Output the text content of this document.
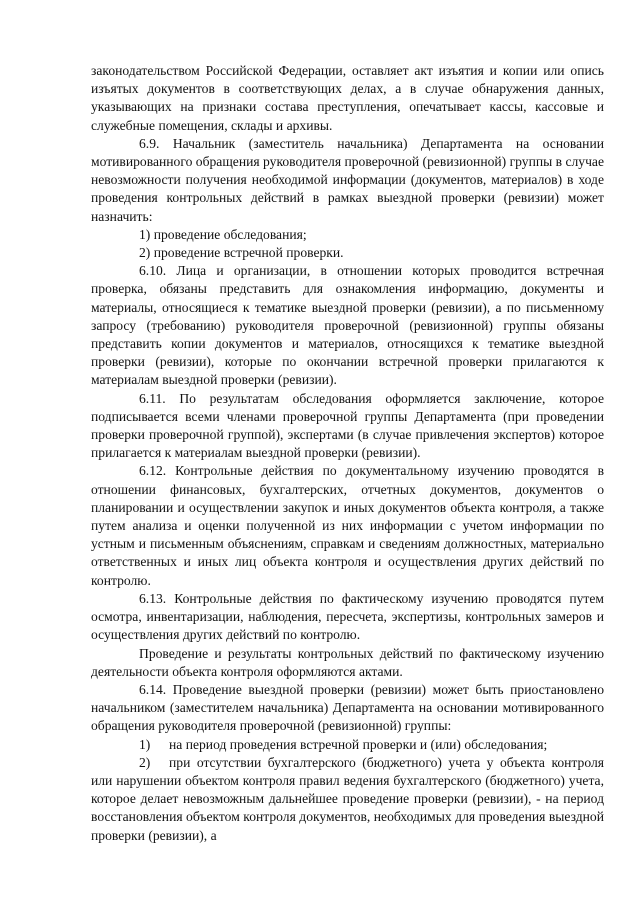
законодательством Российской Федерации, оставляет акт изъятия и копии или опись изъятых документов в соответствующих делах, а в случае обнаружения данных, указывающих на признаки состава преступления, опечатывает кассы, кассовые и служебные помещения, склады и архивы.

6.9. Начальник (заместитель начальника) Департамента на основании мотивированного обращения руководителя проверочной (ревизионной) группы в случае невозможности получения необходимой информации (документов, материалов) в ходе проведения контрольных действий в рамках выездной проверки (ревизии) может назначить:

1) проведение обследования;

2) проведение встречной проверки.

6.10. Лица и организации, в отношении которых проводится встречная проверка, обязаны представить для ознакомления информацию, документы и материалы, относящиеся к тематике выездной проверки (ревизии), а по письменному запросу (требованию) руководителя проверочной (ревизионной) группы обязаны представить копии документов и материалов, относящихся к тематике выездной проверки (ревизии), которые по окончании встречной проверки прилагаются к материалам выездной проверки (ревизии).

6.11. По результатам обследования оформляется заключение, которое подписывается всеми членами проверочной группы Департамента (при проведении проверки проверочной группой), экспертами (в случае привлечения экспертов) которое прилагается к материалам выездной проверки (ревизии).

6.12. Контрольные действия по документальному изучению проводятся в отношении финансовых, бухгалтерских, отчетных документов, документов о планировании и осуществлении закупок и иных документов объекта контроля, а также путем анализа и оценки полученной из них информации с учетом информации по устным и письменным объяснениям, справкам и сведениям должностных, материально ответственных и иных лиц объекта контроля и осуществления других действий по контролю.

6.13. Контрольные действия по фактическому изучению проводятся путем осмотра, инвентаризации, наблюдения, пересчета, экспертизы, контрольных замеров и осуществления других действий по контролю.

Проведение и результаты контрольных действий по фактическому изучению деятельности объекта контроля оформляются актами.

6.14. Проведение выездной проверки (ревизии) может быть приостановлено начальником (заместителем начальника) Департамента на основании мотивированного обращения руководителя проверочной (ревизионной) группы:

1) на период проведения встречной проверки и (или) обследования;

2) при отсутствии бухгалтерского (бюджетного) учета у объекта контроля или нарушении объектом контроля правил ведения бухгалтерского (бюджетного) учета, которое делает невозможным дальнейшее проведение проверки (ревизии), - на период восстановления объектом контроля документов, необходимых для проведения выездной проверки (ревизии), а
